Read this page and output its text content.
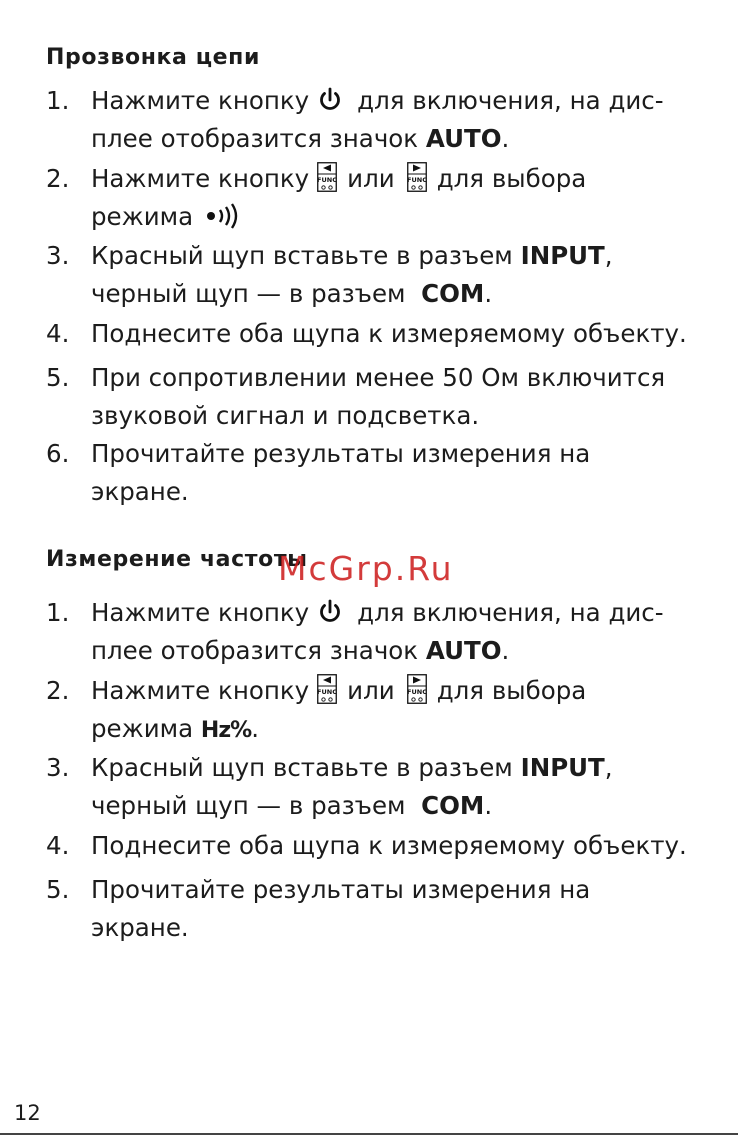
Прозвонка цепи
1. Нажмите кнопку для включения, на дис-
плее отобразится значок AUTO.
2. Нажмите кнопку FUNC или FUNC для выбора
режима
3. Красный щуп вставьте в разъем INPUT,
черный щуп — в разъем COM.
4. Поднесите оба щупа к измеряемому объекту.
5. При сопротивлении менее 50 Ом включится
звуковой сигнал и подсветка.
6. Прочитайте результаты измерения на
экране.
Измерение частоты
McGrp.Ru
1. Нажмите кнопку для включения, на дис-
плее отобразится значок AUTO.
2. Нажмите кнопку FUNC или FUNC для выбора
режима Hz%.
3. Красный щуп вставьте в разъем INPUT,
черный щуп — в разъем COM.
4. Поднесите оба щупа к измеряемому объекту.
5. Прочитайте результаты измерения на
экране.
12
